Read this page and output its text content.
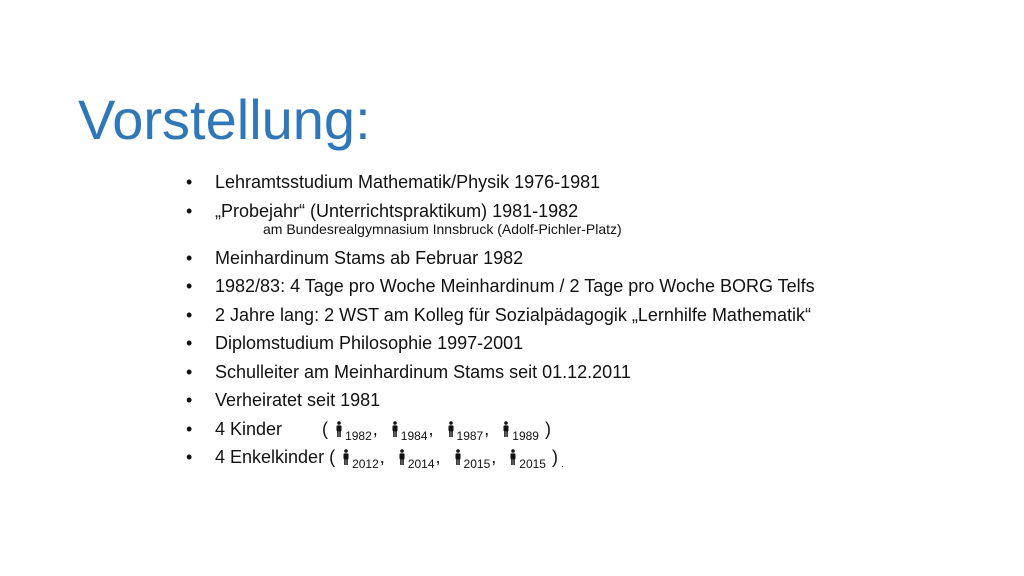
Vorstellung:
•	Lehramtsstudium Mathematik/Physik 1976-1981
•	„Probejahr“ (Unterrichtspraktikum) 1981-1982
am Bundesrealgymnasium Innsbruck (Adolf-Pichler-Platz)
•	Meinhardinum Stams ab Februar 1982
•	1982/83: 4 Tage pro Woche Meinhardinum / 2 Tage pro Woche BORG Telfs
•	2 Jahre lang: 2 WST am Kolleg für Sozialpädagogik „Lernhilfe Mathematik“
•	Diplomstudium Philosophie 1997-2001
•	Schulleiter am Meinhardinum Stams seit 01.12.2011
•	Verheiratet seit 1981
•	4 Kinder ( $_{1982}$, $_{1984}$, $_{1987}$, $_{1989}$ )
•	4 Enkelkinder ( $_{2012}$, $_{2014}$, $_{2015}$, $_{2015}$ ) $_.$
